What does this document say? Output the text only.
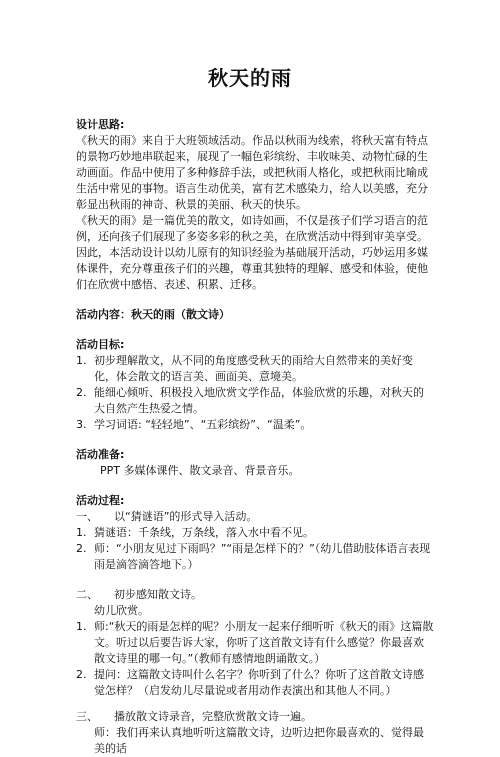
秋天的雨

设计思路:

《秋天的雨》来自于大班领域活动。作品以秋雨为线索，将秋天富有特点的景物巧妙地串联起来，展现了一幅色彩缤纷、丰收味美、动物忙碌的生动画面。作品中使用了多种修辞手法，或把秋雨人格化，或把秋雨比喻成生活中常见的事物。语言生动优美，富有艺术感染力，给人以美感，充分彰显出秋雨的神奇、秋景的美丽、秋天的快乐。

《秋天的雨》是一篇优美的散文，如诗如画，不仅是孩子们学习语言的范例，还向孩子们展现了多姿多彩的秋之美，在欣赏活动中得到审美享受。因此，本活动设计以幼儿原有的知识经验为基础展开活动，巧妙运用多媒体课件，充分尊重孩子们的兴趣，尊重其独特的理解、感受和体验，使他们在欣赏中感悟、表述、积累、迁移。

活动内容：秋天的雨（散文诗）

活动目标:

1. 初步理解散文，从不同的角度感受秋天的雨给大自然带来的美好变化，体会散文的语言美、画面美、意境美。
2. 能细心倾听、积极投入地欣赏文学作品，体验欣赏的乐趣，对秋天的大自然产生热爱之情。
3. 学习词语: “轻轻地”、“五彩缤纷”、“温柔”。

活动准备:

PPT 多媒体课件、散文录音、背景音乐。

活动过程:

一、	以“猜谜语”的形式导入活动。
1. 猜谜语：千条线，万条线，落入水中看不见。
2. 师：“小朋友见过下雨吗？”“雨是怎样下的？”（幼儿借助肢体语言表现雨是滴答滴答地下。）
二、	初步感知散文诗。

幼儿欣赏。

1. 师:“秋天的雨是怎样的呢？小朋友一起来仔细听听《秋天的雨》这篇散文。听过以后要告诉大家，你听了这首散文诗有什么感觉？你最喜欢散文诗里的哪一句。”（教师有感情地朗诵散文。）
2. 提问：这篇散文诗叫什么名字？你听到了什么？你听了这首散文诗感觉怎样？（启发幼儿尽量说或者用动作表演出和其他人不同。）
三、	播放散文诗录音，完整欣赏散文诗一遍。

师：我们再来认真地听听这篇散文诗，边听边把你最喜欢的、觉得最美的话
